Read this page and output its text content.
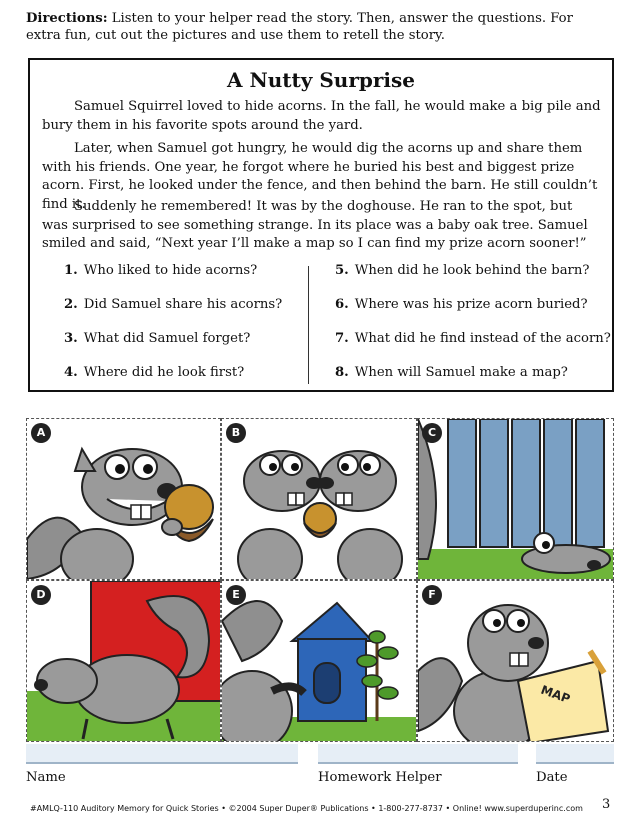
Directions: Listen to your helper read the story. Then, answer the questions. For extra fun, cut out the pictures and use them to retell the story.
A Nutty Surprise

Samuel Squirrel loved to hide acorns. In the fall, he would make a big pile and bury them in his favorite spots around the yard.

Later, when Samuel got hungry, he would dig the acorns up and share them with his friends. One year, he forgot where he buried his best and biggest prize acorn. First, he looked under the fence, and then behind the barn. He still couldn’t find it.

Suddenly he remembered! It was by the doghouse. He ran to the spot, but was surprised to see something strange. In its place was a baby oak tree. Samuel smiled and said, “Next year I’ll make a map so I can find my prize acorn sooner!”

1. Who liked to hide acorns?
2. Did Samuel share his acorns?
3. What did Samuel forget?
4. Where did he look first?
5. When did he look behind the barn?
6. Where was his prize acorn buried?
7. What did he find instead of the acorn?
8. When will Samuel make a map?
A	B	C
D	E	F
MAP
Name	Homework Helper	Date
#AMLQ-110 Auditory Memory for Quick Stories • ©2004 Super Duper® Publications • 1-800-277-8737 • Online! www.superduperinc.com 3
